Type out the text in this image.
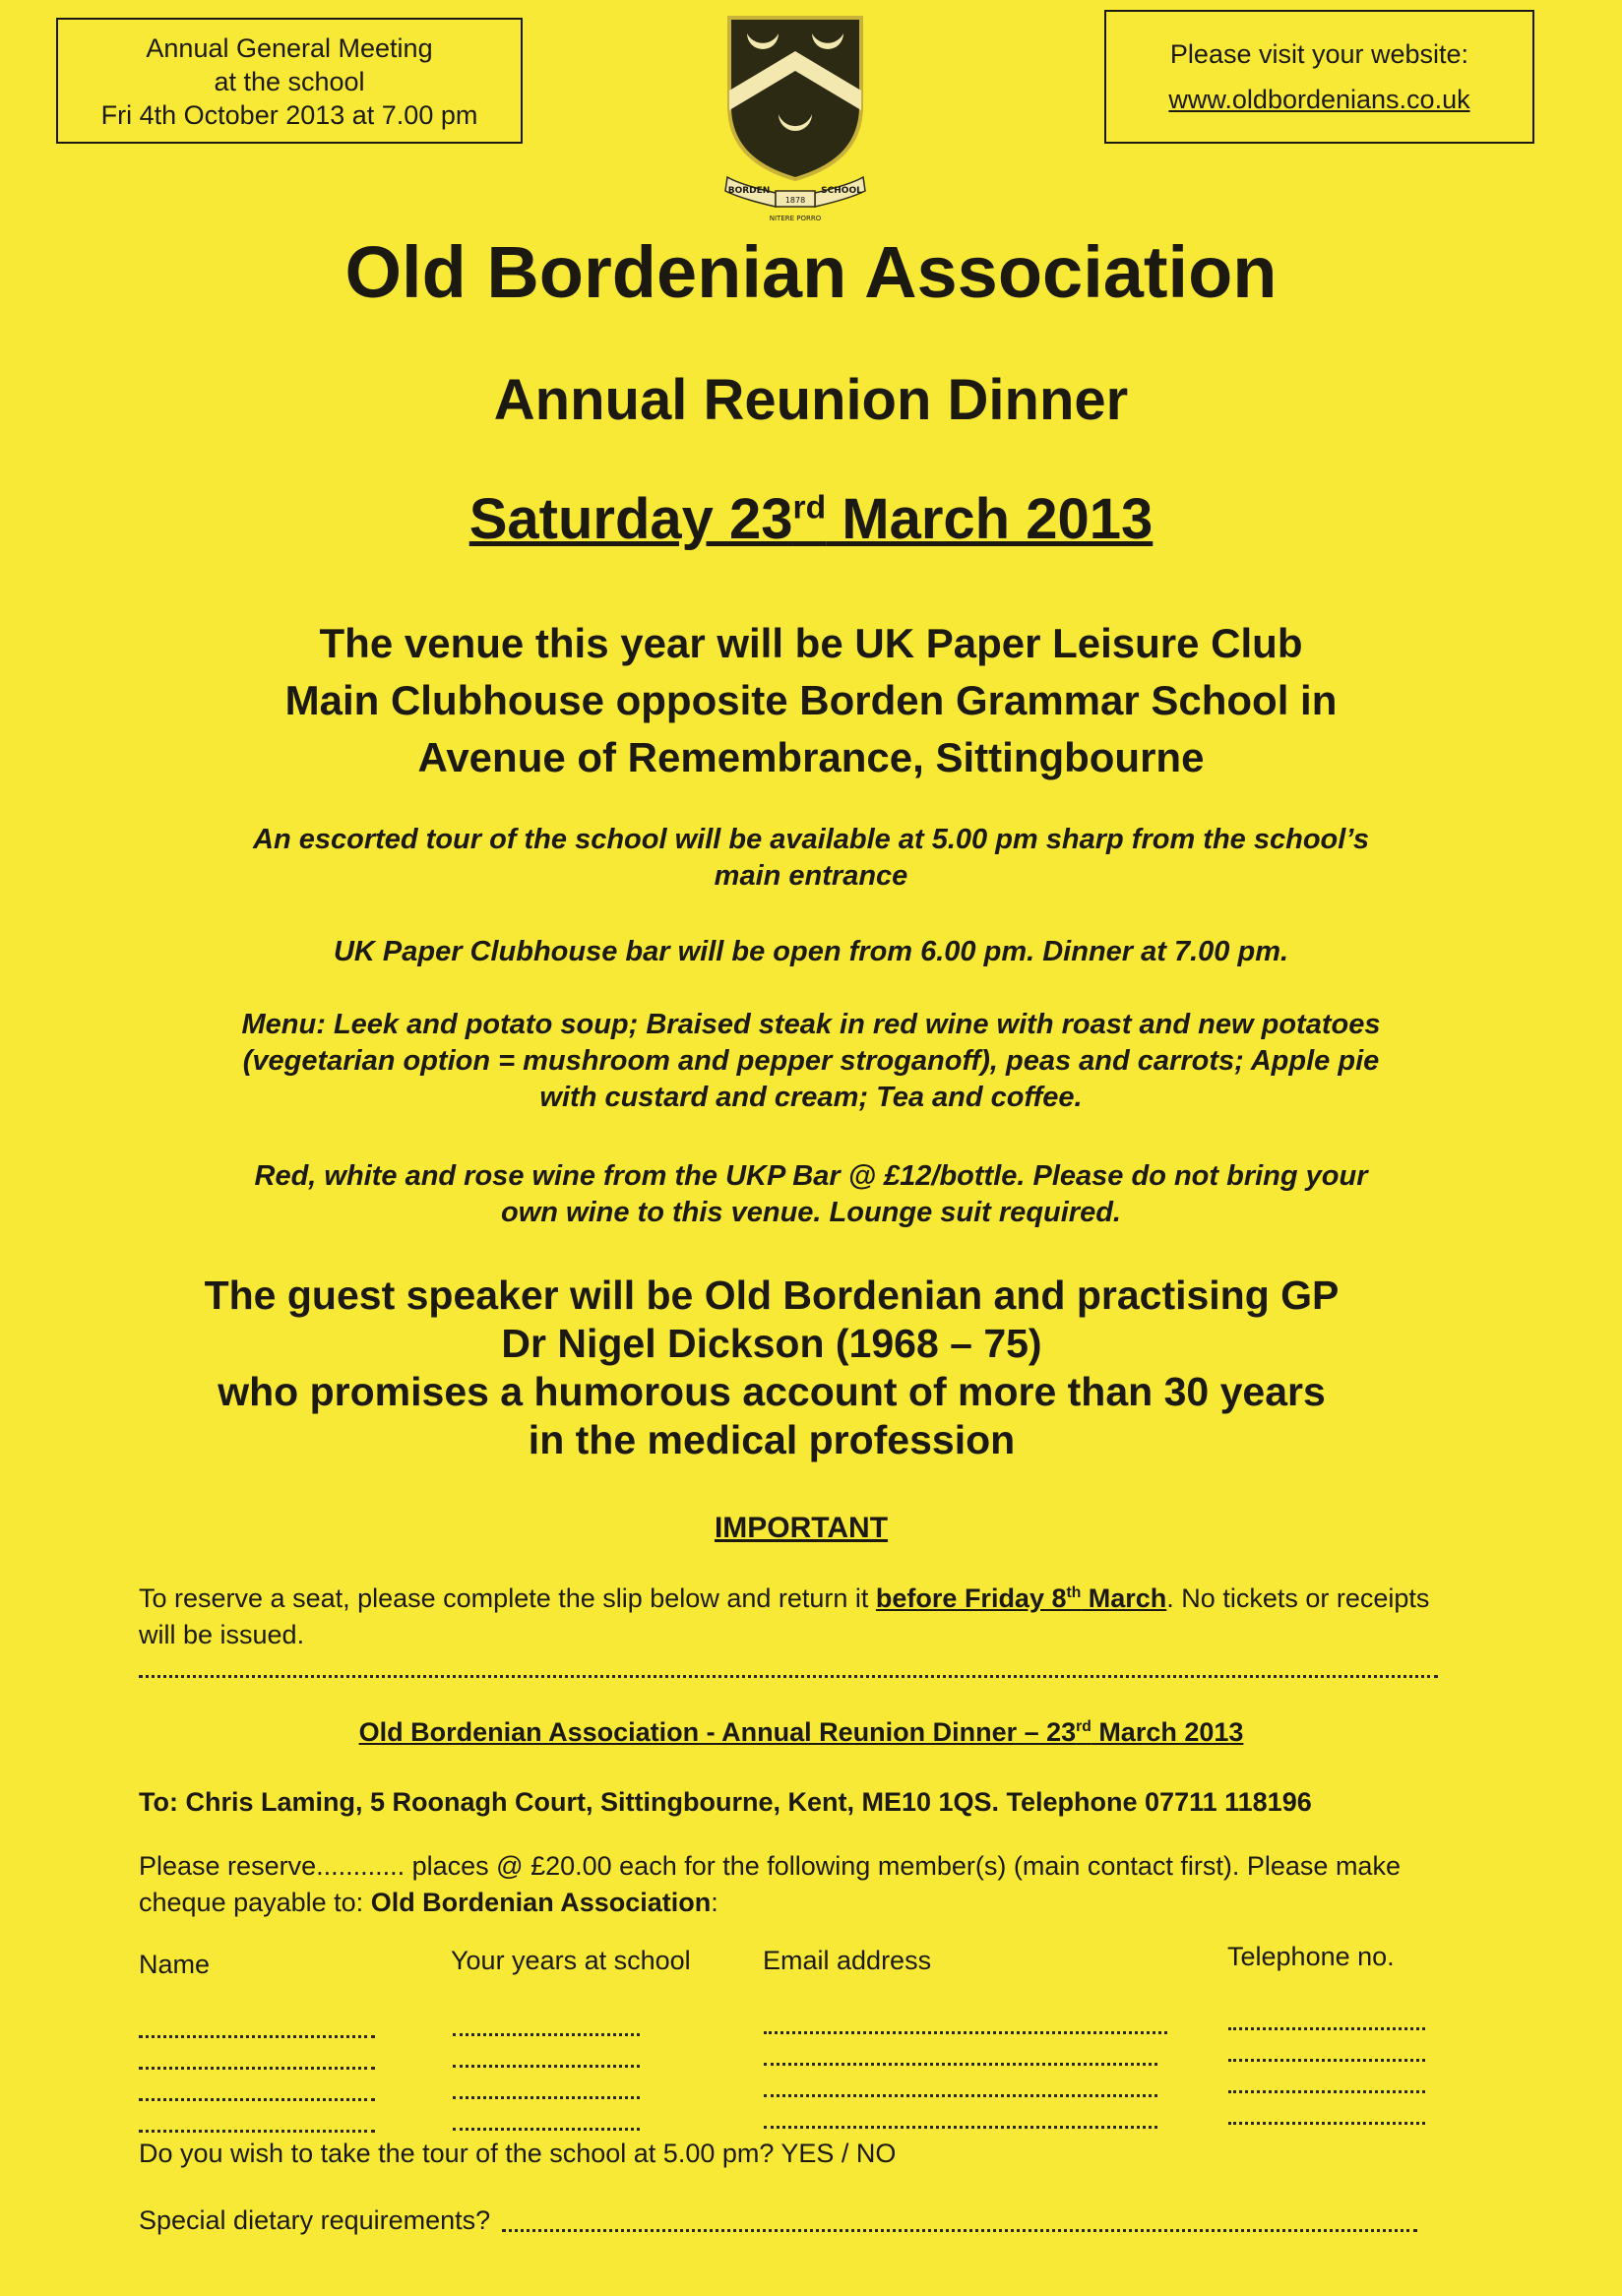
Annual General Meeting
at the school
Fri 4th October 2013 at 7.00 pm
BORDEN	SCHOOL
1878
NITERE PORRO
Please visit your website:
www.oldbordenians.co.uk
Old Bordenian Association
Annual Reunion Dinner
Saturday 23rd March 2013
The venue this year will be UK Paper Leisure Club
Main Clubhouse opposite Borden Grammar School in
Avenue of Remembrance, Sittingbourne
An escorted tour of the school will be available at 5.00 pm sharp from the school’s
main entrance
UK Paper Clubhouse bar will be open from 6.00 pm. Dinner at 7.00 pm.
Menu: Leek and potato soup; Braised steak in red wine with roast and new potatoes
(vegetarian option = mushroom and pepper stroganoff), peas and carrots; Apple pie
with custard and cream; Tea and coffee.
Red, white and rose wine from the UKP Bar @ £12/bottle. Please do not bring your
own wine to this venue. Lounge suit required.
The guest speaker will be Old Bordenian and practising GP
Dr Nigel Dickson (1968 – 75)
who promises a humorous account of more than 30 years
in the medical profession
IMPORTANT
To reserve a seat, please complete the slip below and return it before Friday 8th March. No tickets or receipts will be issued.
Old Bordenian Association - Annual Reunion Dinner – 23rd March 2013
To: Chris Laming, 5 Roonagh Court, Sittingbourne, Kent, ME10 1QS. Telephone 07711 118196
Please reserve............ places @ £20.00 each for the following member(s) (main contact first). Please make cheque payable to: Old Bordenian Association:
Name	Your years at school	Email address	Telephone no.
Do you wish to take the tour of the school at 5.00 pm? YES / NO
Special dietary requirements?
